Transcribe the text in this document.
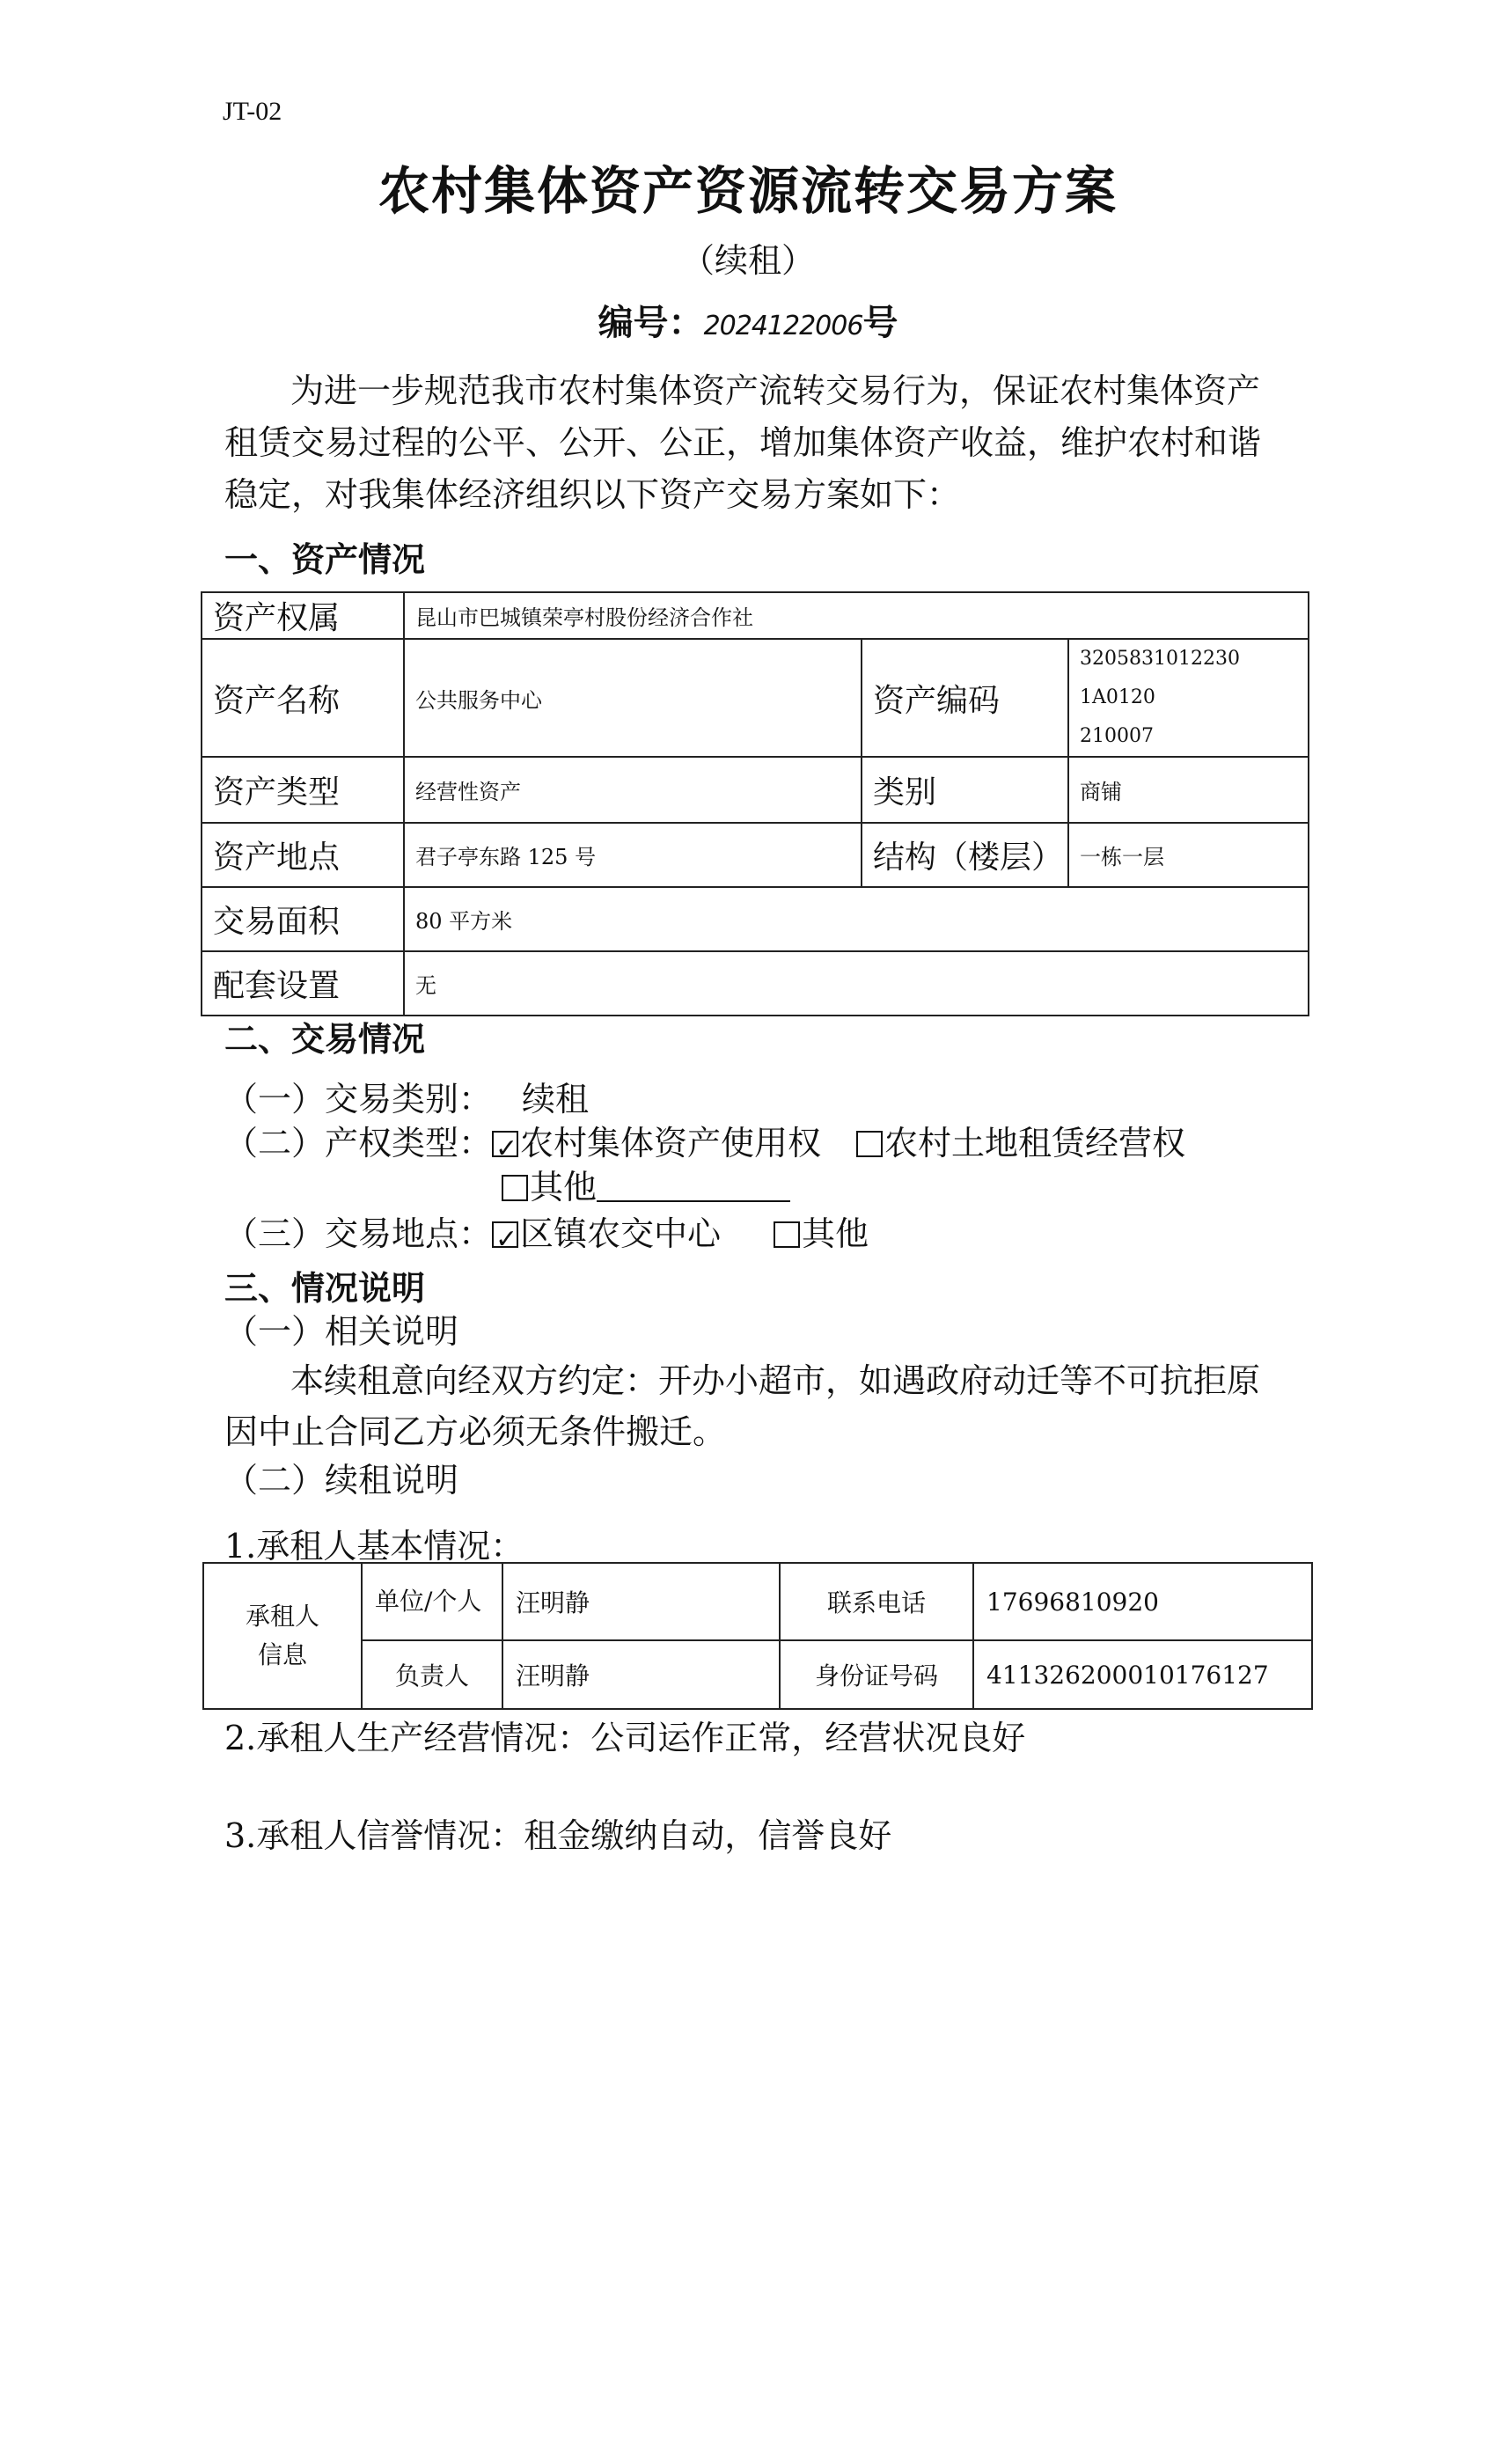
JT-02
农村集体资产资源流转交易方案
（续租）
编号：2024122006号
为进一步规范我市农村集体资产流转交易行为，保证农村集体资产
租赁交易过程的公平、公开、公正，增加集体资产收益，维护农村和谐
稳定，对我集体经济组织以下资产交易方案如下：
一、资产情况
资产权属	昆山市巴城镇荣亭村股份经济合作社		
资产名称	公共服务中心	资产编码	3205831012230 1A0120
210007

资产类型	经营性资产	类别	商铺
资产地点	君子亭东路 125 号	结构（楼层）	一栋一层
交易面积	80 平方米		
配套设置	无		
二、交易情况
（一）交易类别： 续租
（二）产权类型： ✓ 农村集体资产使用权 农村土地租赁经营权
其他
（三）交易地点： ✓ 区镇农交中心 其他
三、情况说明
（一）相关说明
本续租意向经双方约定：开办小超市，如遇政府动迁等不可抗拒原
因中止合同乙方必须无条件搬迁。
（二）续租说明
1.承租人基本情况：
承租人信息	单位/个人	汪明静	联系电话	17696810920
	负责人	汪明静	身份证号码	411326200010176127
2.承租人生产经营情况：公司运作正常，经营状况良好
3.承租人信誉情况：租金缴纳自动，信誉良好
